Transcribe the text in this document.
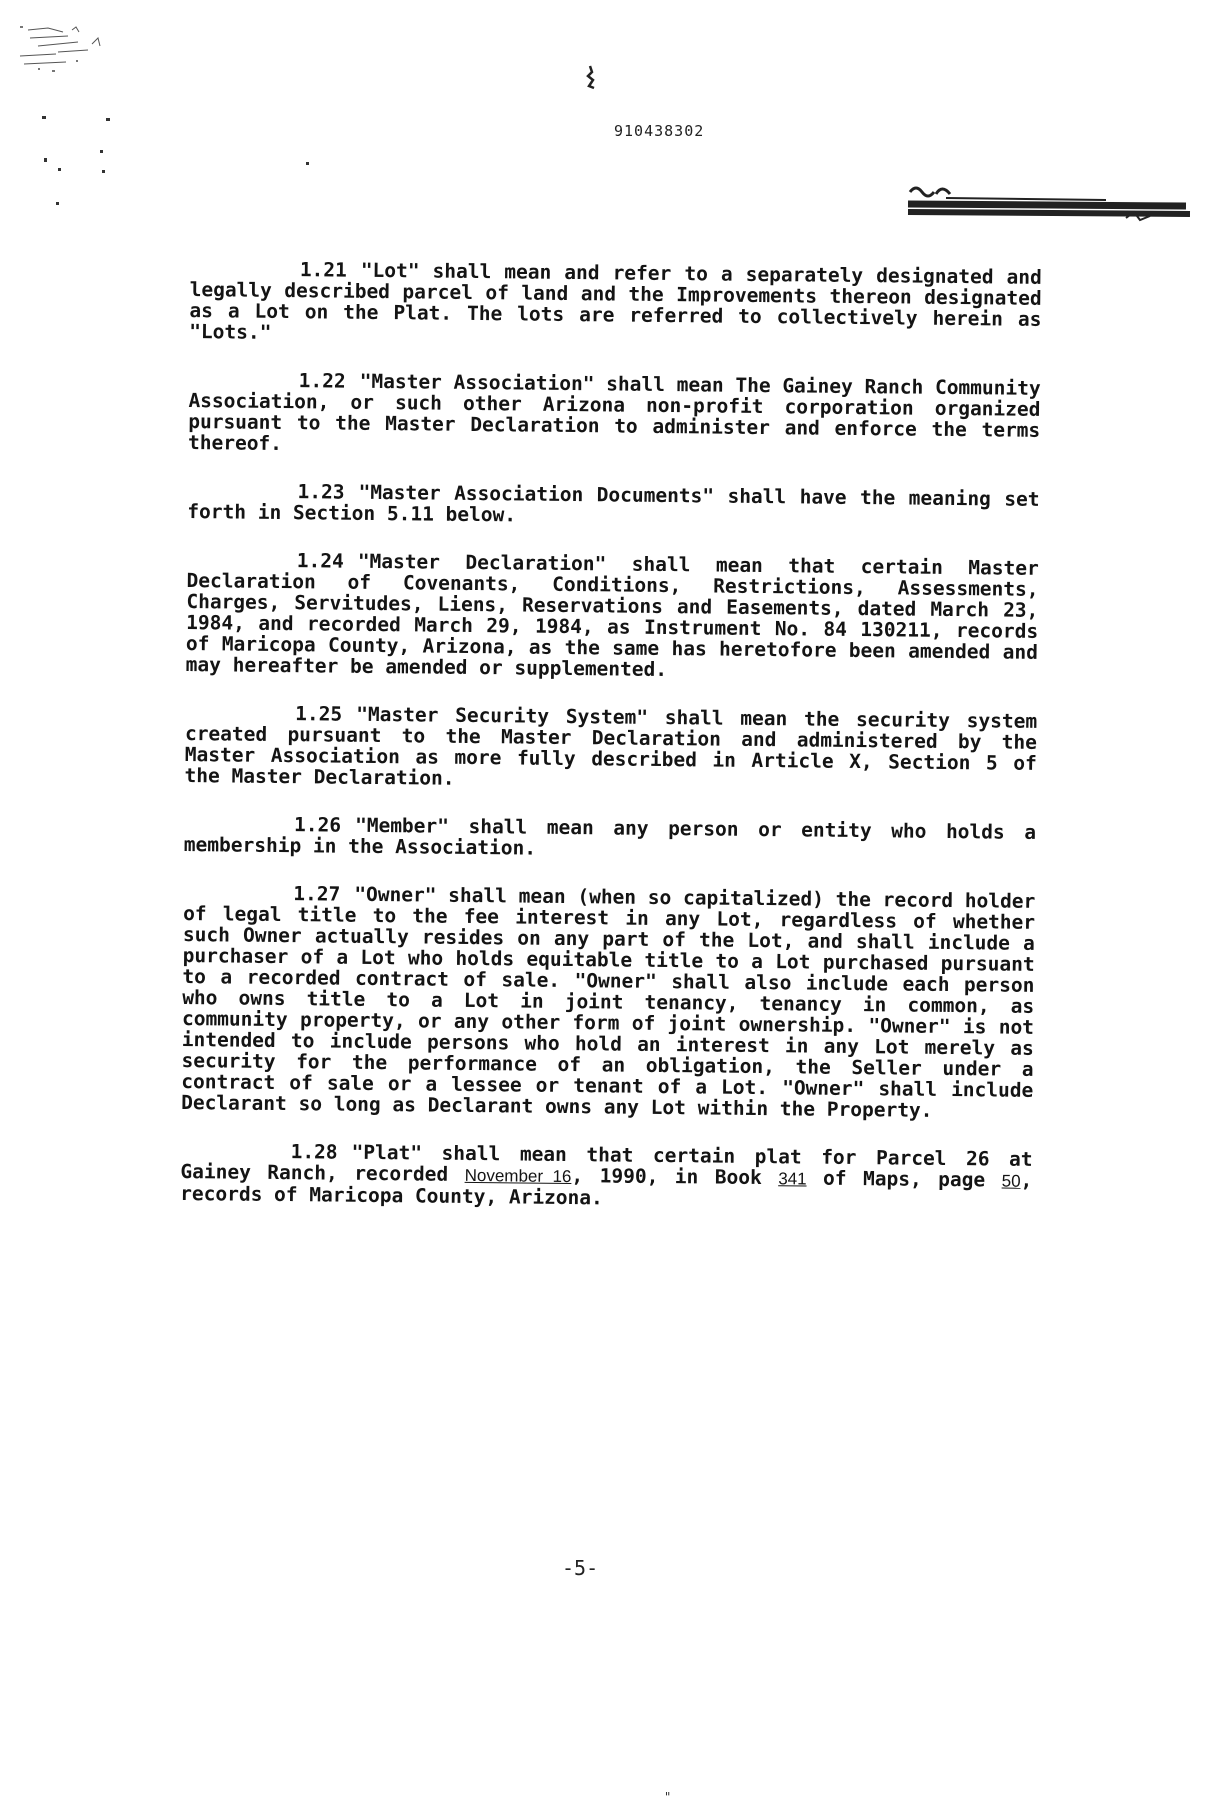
910438302

1.21 "Lot" shall mean and refer to a separately designated and legally described parcel of land and the Improvements thereon designated as a Lot on the Plat. The lots are referred to collectively herein as "Lots."

1.22 "Master Association" shall mean The Gainey Ranch Community Association, or such other Arizona non-profit corporation organized pursuant to the Master Declaration to administer and enforce the terms thereof.

1.23 "Master Association Documents" shall have the meaning set forth in Section 5.11 below.

1.24 "Master Declaration" shall mean that certain Master Declaration of Covenants, Conditions, Restrictions, Assessments, Charges, Servitudes, Liens, Reservations and Easements, dated March 23, 1984, and recorded March 29, 1984, as Instrument No. 84 130211, records of Maricopa County, Arizona, as the same has heretofore been amended and may hereafter be amended or supplemented.

1.25 "Master Security System" shall mean the security system created pursuant to the Master Declaration and administered by the Master Association as more fully described in Article X, Section 5 of the Master Declaration.

1.26 "Member" shall mean any person or entity who holds a membership in the Association.

1.27 "Owner" shall mean (when so capitalized) the record holder of legal title to the fee interest in any Lot, regardless of whether such Owner actually resides on any part of the Lot, and shall include a purchaser of a Lot who holds equitable title to a Lot purchased pursuant to a recorded contract of sale. "Owner" shall also include each person who owns title to a Lot in joint tenancy, tenancy in common, as community property, or any other form of joint ownership. "Owner" is not intended to include persons who hold an interest in any Lot merely as security for the performance of an obligation, the Seller under a contract of sale or a lessee or tenant of a Lot. "Owner" shall include Declarant so long as Declarant owns any Lot within the Property.

1.28 "Plat" shall mean that certain plat for Parcel 26 at Gainey Ranch, recorded November 16, 1990, in Book 341 of Maps, page 50, records of Maricopa County, Arizona.

-5-
"
